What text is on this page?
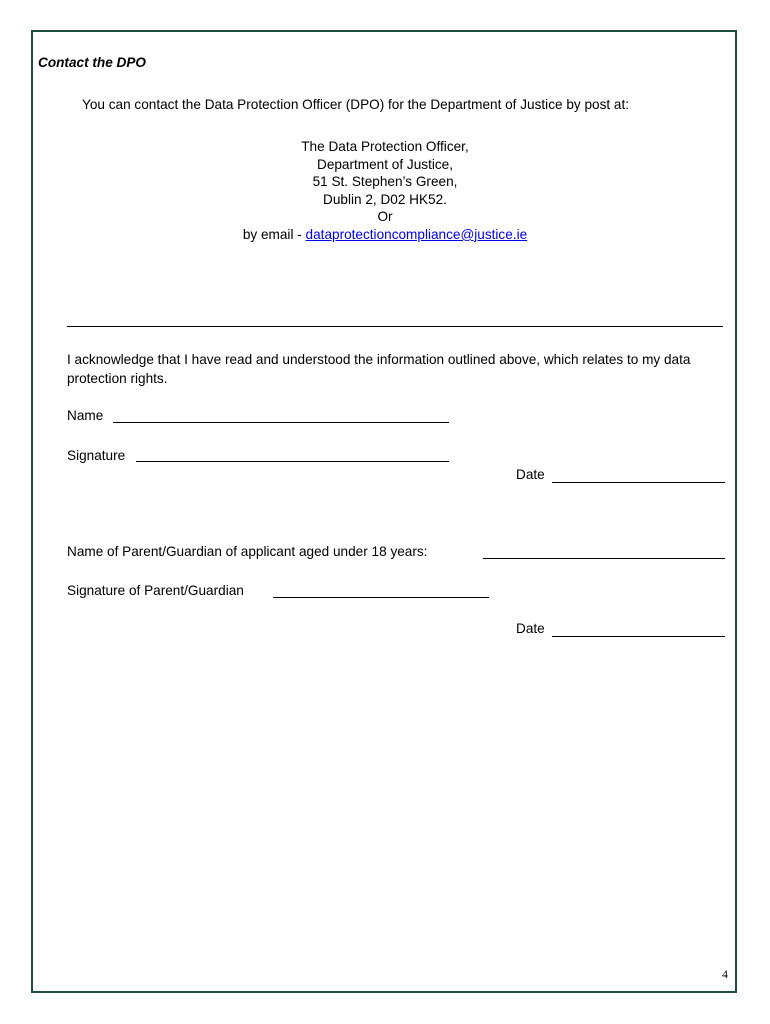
Contact the DPO
You can contact the Data Protection Officer (DPO) for the Department of Justice by post at:
The Data Protection Officer,
Department of Justice,
51 St. Stephen’s Green,
Dublin 2, D02 HK52.
Or
by email - dataprotectioncompliance@justice.ie
I acknowledge that I have read and understood the information outlined above, which relates to my data protection rights.
Name
Signature
Date
Name of Parent/Guardian of applicant aged under 18 years:
Signature of Parent/Guardian
Date
4
